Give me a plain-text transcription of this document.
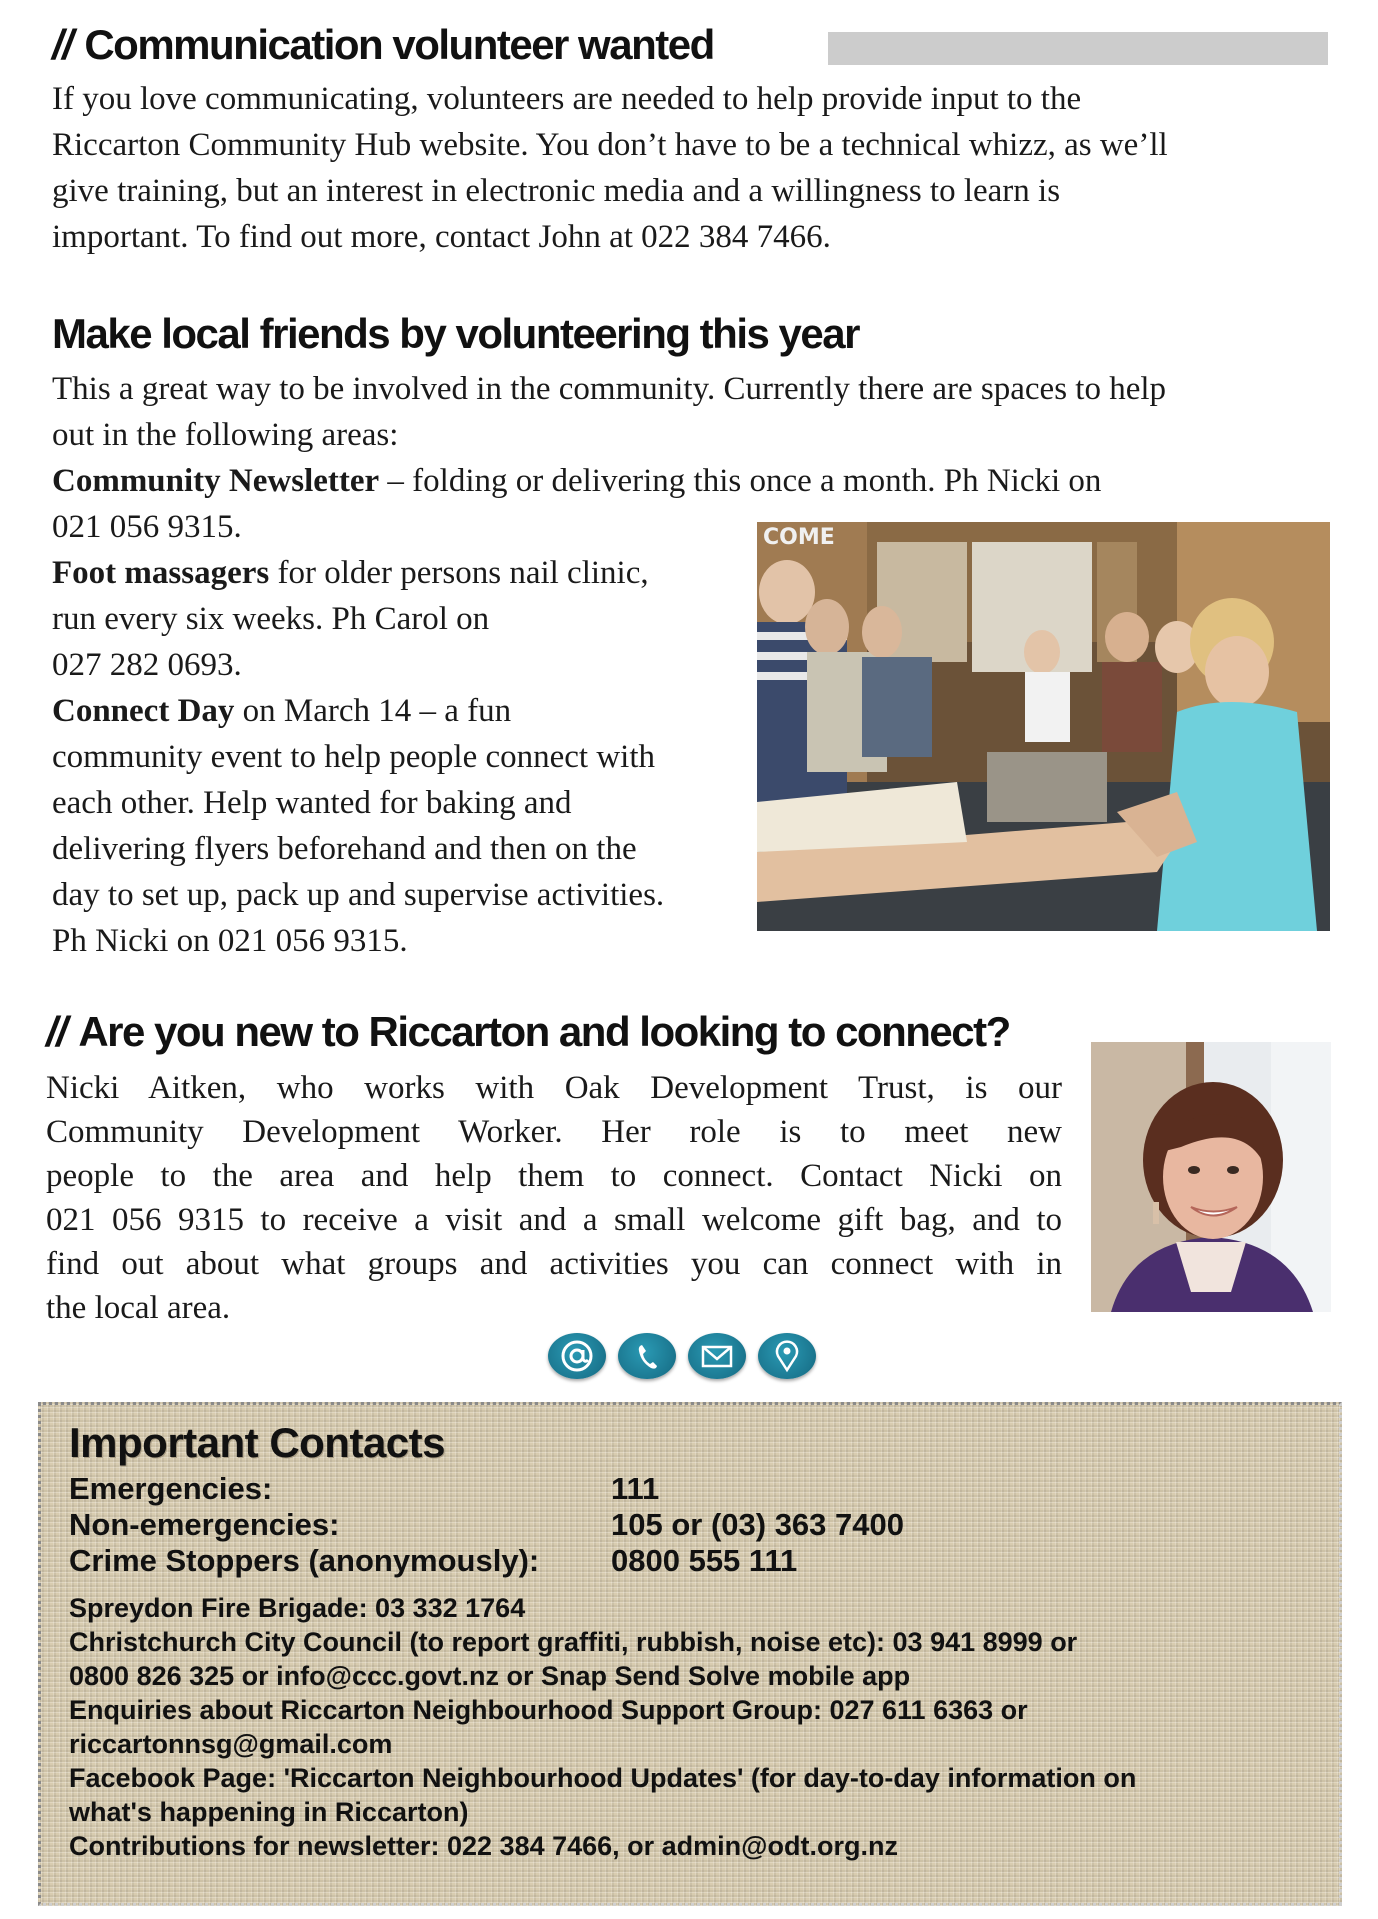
// Communication volunteer wanted

If you love communicating, volunteers are needed to help provide input to the

Riccarton Community Hub website. You don’t have to be a technical whizz, as we’ll

give training, but an interest in electronic media and a willingness to learn is

important. To find out more, contact John at 022 384 7466.

Make local friends by volunteering this year

This a great way to be involved in the community. Currently there are spaces to help

out in the following areas:

Community Newsletter – folding or delivering this once a month. Ph Nicki on

021 056 9315.

Foot massagers for older persons nail clinic,

run every six weeks. Ph Carol on

027 282 0693.

Connect Day on March 14 – a fun

community event to help people connect with

each other. Help wanted for baking and

delivering flyers beforehand and then on the

day to set up, pack up and supervise activities.

Ph Nicki on 021 056 9315.

COME
// Are you new to Riccarton and looking to connect?

Nicki Aitken, who works with Oak Development Trust, is our

Community Development Worker. Her role is to meet new

people to the area and help them to connect. Contact Nicki on

021 056 9315 to receive a visit and a small welcome gift bag, and to

find out about what groups and activities you can connect with in

the local area.

Important Contacts
Emergencies:	111
Non-emergencies:	105 or (03) 363 7400
Crime Stoppers (anonymously): 0800 555 111
Spreydon Fire Brigade: 03 332 1764
Christchurch City Council (to report graffiti, rubbish, noise etc): 03 941 8999 or
0800 826 325 or info@ccc.govt.nz or Snap Send Solve mobile app
Enquiries about Riccarton Neighbourhood Support Group: 027 611 6363 or
riccartonnsg@gmail.com
Facebook Page: 'Riccarton Neighbourhood Updates' (for day-to-day information on
what's happening in Riccarton)
Contributions for newsletter: 022 384 7466, or admin@odt.org.nz
